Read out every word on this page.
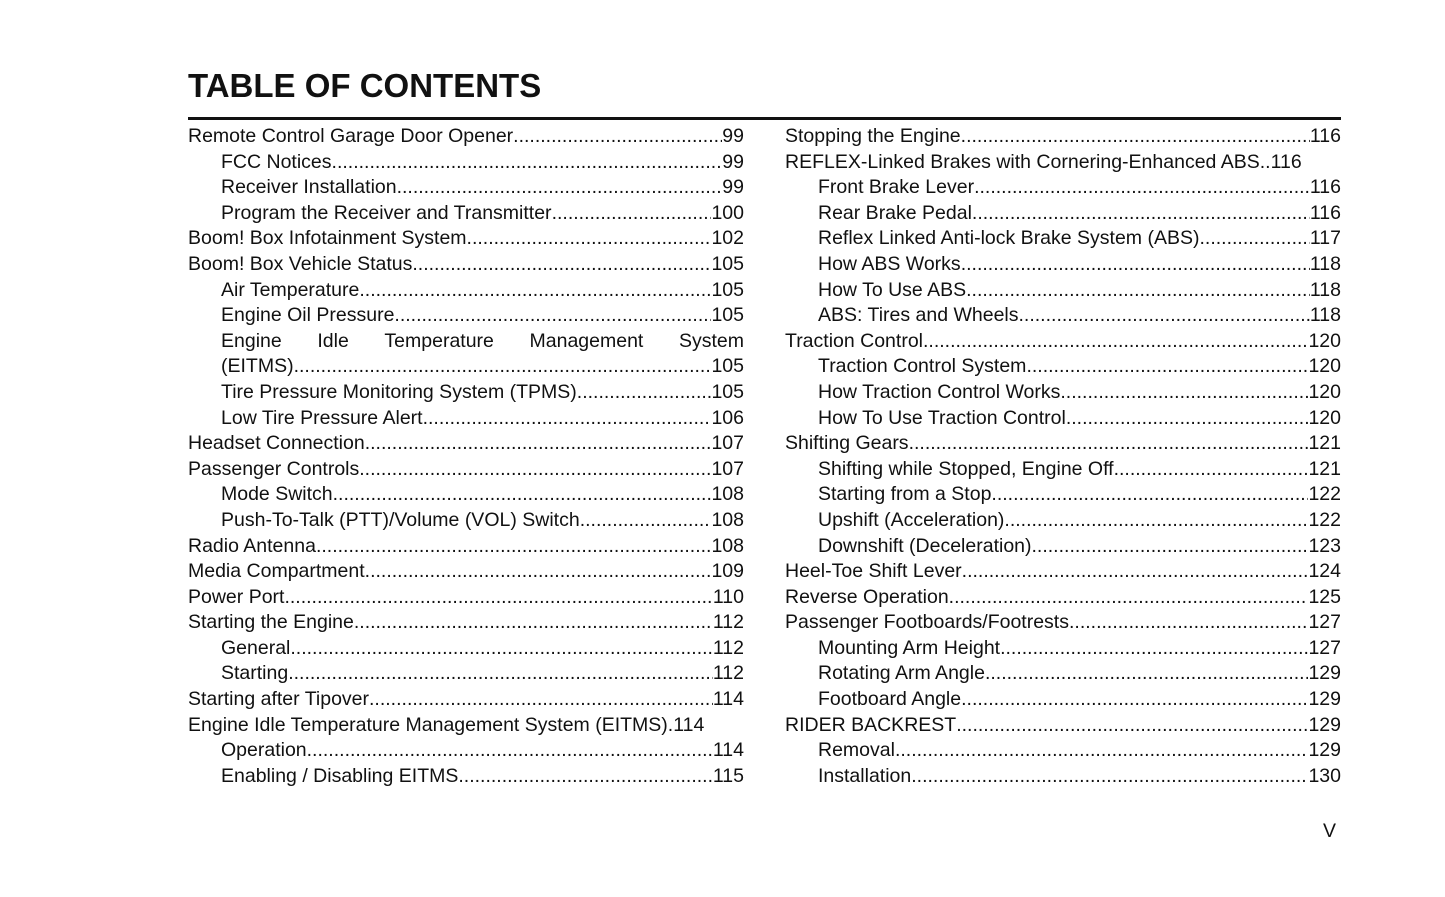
TABLE OF CONTENTS
Remote Control Garage Door Opener .....	99
FCC Notices .....	99
Receiver Installation .....	99
Program the Receiver and Transmitter .....	100
Boom! Box Infotainment System .....	102
Boom! Box Vehicle Status .....	105
Air Temperature .....	105
Engine Oil Pressure .....	105
Engine Idle Temperature Management System
(EITMS) .....	105
Tire Pressure Monitoring System (TPMS) .....	105
Low Tire Pressure Alert .....	106
Headset Connection .....	107
Passenger Controls .....	107
Mode Switch .....	108
Push-To-Talk (PTT)/Volume (VOL) Switch .....	108
Radio Antenna .....	108
Media Compartment .....	109
Power Port .....	110
Starting the Engine .....	112
General .....	112
Starting .....	112
Starting after Tipover .....	114
Engine Idle Temperature Management System (EITMS) . 114
Operation .....	114
Enabling / Disabling EITMS .....	115
Stopping the Engine .....	116
REFLEX-Linked Brakes with Cornering-Enhanced ABS .. 116
Front Brake Lever .....	116
Rear Brake Pedal .....	116
Reflex Linked Anti-lock Brake System (ABS) .....	117
How ABS Works .....	118
How To Use ABS .....	118
ABS: Tires and Wheels .....	118
Traction Control .....	120
Traction Control System .....	120
How Traction Control Works .....	120
How To Use Traction Control .....	120
Shifting Gears .....	121
Shifting while Stopped, Engine Off .....	121
Starting from a Stop .....	122
Upshift (Acceleration) .....	122
Downshift (Deceleration) .....	123
Heel-Toe Shift Lever .....	124
Reverse Operation .....	125
Passenger Footboards/Footrests .....	127
Mounting Arm Height .....	127
Rotating Arm Angle .....	129
Footboard Angle .....	129
RIDER BACKREST .....	129
Removal .....	129
Installation .....	130
V
